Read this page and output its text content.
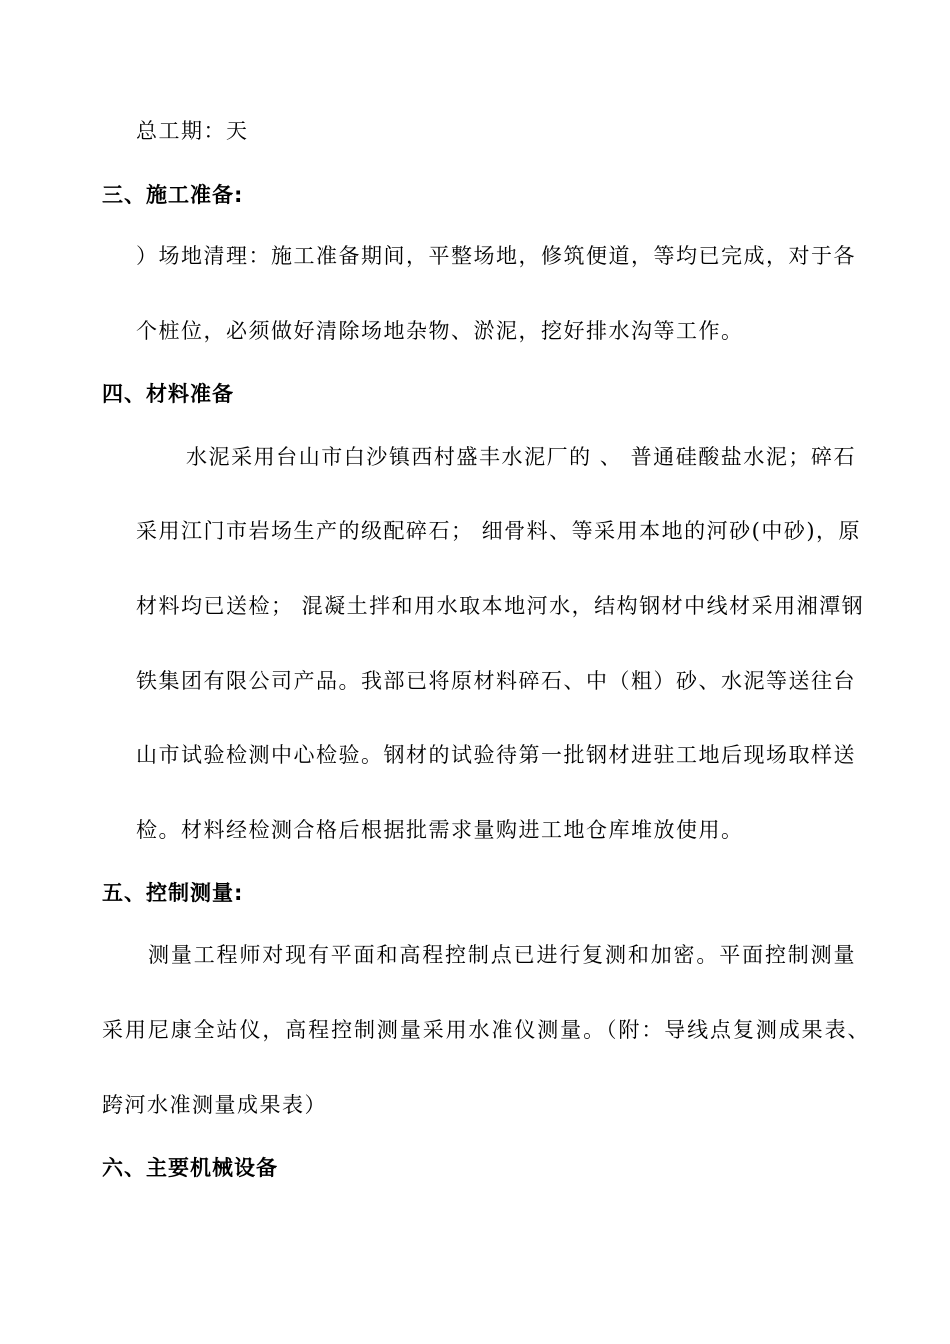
总工期：天
三、施工准备:
）场地清理：施工准备期间，平整场地，修筑便道，等均已完成，对于各
个桩位，必须做好清除场地杂物、淤泥，挖好排水沟等工作。
四、材料准备
水泥采用台山市白沙镇西村盛丰水泥厂的 、 普通硅酸盐水泥；碎石
采用江门市岩场生产的级配碎石； 细骨料、等采用本地的河砂(中砂)，原
材料均已送检； 混凝土拌和用水取本地河水，结构钢材中线材采用湘潭钢
铁集团有限公司产品。我部已将原材料碎石、中（粗）砂、水泥等送往台
山市试验检测中心检验。钢材的试验待第一批钢材进驻工地后现场取样送
检。材料经检测合格后根据批需求量购进工地仓库堆放使用。
五、控制测量:
测量工程师对现有平面和高程控制点已进行复测和加密。平面控制测量
采用尼康全站仪，高程控制测量采用水准仪测量。（附：导线点复测成果表、
跨河水准测量成果表）
六、主要机械设备
